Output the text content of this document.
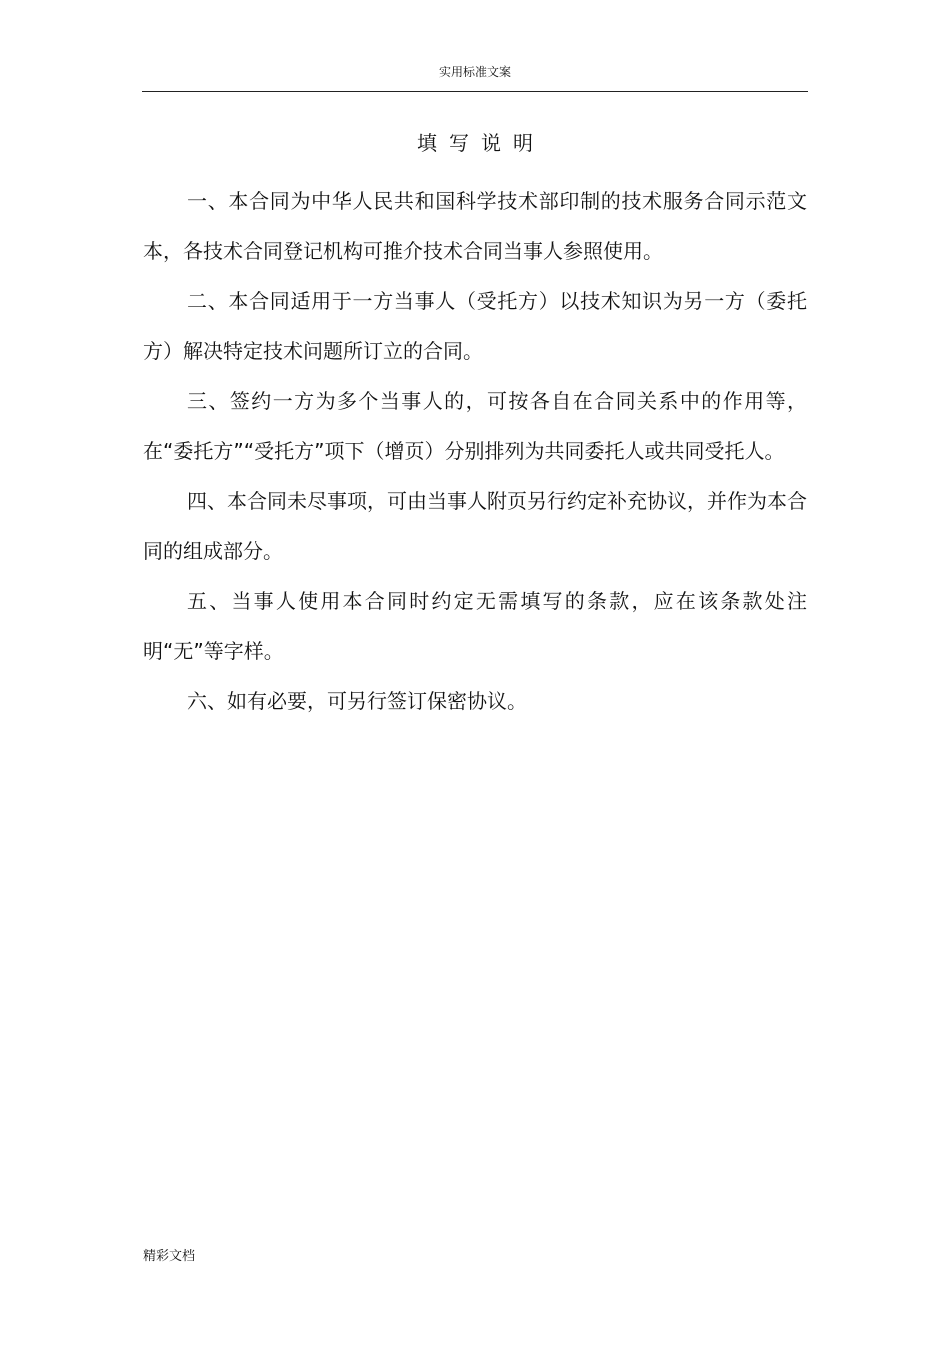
实用标准文案
填写说明

一、本合同为中华人民共和国科学技术部印制的技术服务合同示范文本，各技术合同登记机构可推介技术合同当事人参照使用。

二、本合同适用于一方当事人（受托方）以技术知识为另一方（委托方）解决特定技术问题所订立的合同。

三、签约一方为多个当事人的，可按各自在合同关系中的作用等，在“委托方”“受托方”项下（增页）分别排列为共同委托人或共同受托人。

四、本合同未尽事项，可由当事人附页另行约定补充协议，并作为本合同的组成部分。

五、当事人使用本合同时约定无需填写的条款，应在该条款处注明“无”等字样。

六、如有必要，可另行签订保密协议。

精彩文档
